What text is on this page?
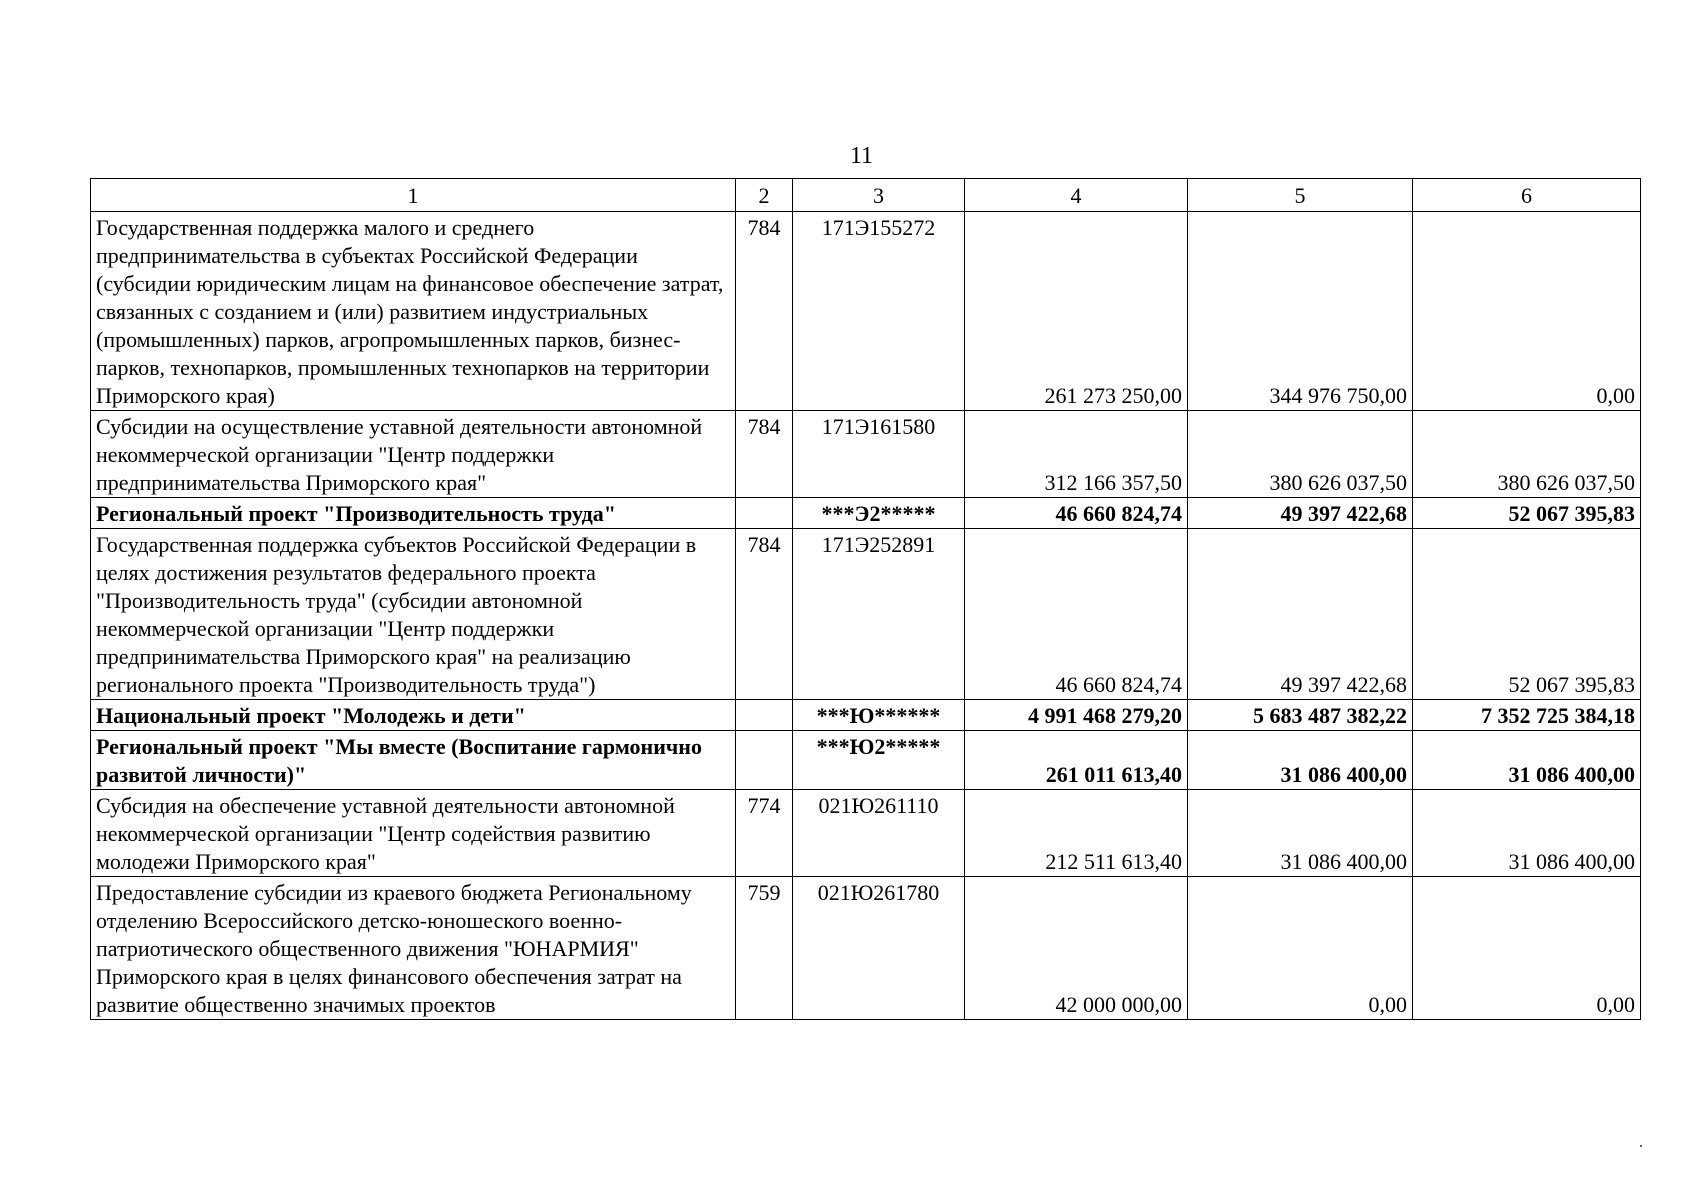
11
1	2	3	4	5	6
Государственная поддержка малого и среднего предпринимательства в субъектах Российской Федерации (субсидии юридическим лицам на финансовое обеспечение затрат, связанных с созданием и (или) развитием индустриальных (промышленных) парков, агропромышленных парков, бизнес-парков, технопарков, промышленных технопарков на территории Приморского края)	784	171Э155272	261 273 250,00	344 976 750,00	0,00
Субсидии на осуществление уставной деятельности автономной некоммерческой организации "Центр поддержки предпринимательства Приморского края"	784	171Э161580	312 166 357,50	380 626 037,50	380 626 037,50
Региональный проект "Производительность труда"		***Э2*****	46 660 824,74	49 397 422,68	52 067 395,83
Государственная поддержка субъектов Российской Федерации в целях достижения результатов федерального проекта "Производительность труда" (субсидии автономной некоммерческой организации "Центр поддержки предпринимательства Приморского края" на реализацию регионального проекта "Производительность труда")	784	171Э252891	46 660 824,74	49 397 422,68	52 067 395,83
Национальный проект "Молодежь и дети"		***Ю******	4 991 468 279,20	5 683 487 382,22	7 352 725 384,18
Региональный проект "Мы вместе (Воспитание гармонично развитой личности)"		***Ю2*****	261 011 613,40	31 086 400,00	31 086 400,00
Субсидия на обеспечение уставной деятельности автономной некоммерческой организации "Центр содействия развитию молодежи Приморского края"	774	021Ю261110	212 511 613,40	31 086 400,00	31 086 400,00
Предоставление субсидии из краевого бюджета Региональному отделению Всероссийского детско-юношеского военно-патриотического общественного движения "ЮНАРМИЯ" Приморского края в целях финансового обеспечения затрат на развитие общественно значимых проектов	759	021Ю261780	42 000 000,00	0,00	0,00
